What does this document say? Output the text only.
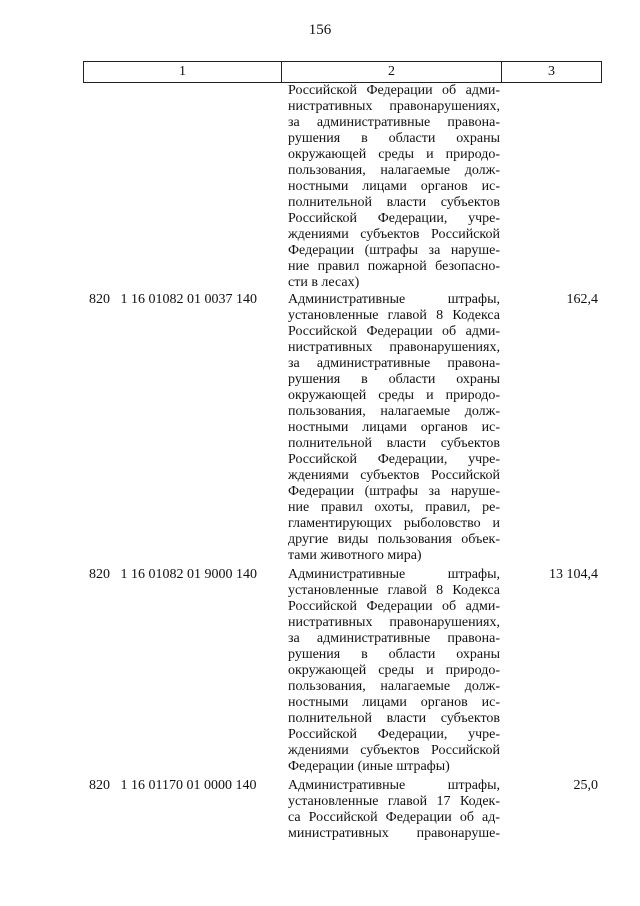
156
1	2	3
Российской Федерации об адми-
нистративных правонарушениях,
за административные правона-
рушения в области охраны
окружающей среды и природо-
пользования, налагаемые долж-
ностными лицами органов ис-
полнительной власти субъектов
Российской Федерации, учре-
ждениями субъектов Российской
Федерации (штрафы за наруше-
ние правил пожарной безопасно-
сти в лесах)
820   1 16 01082 01 0037 140 Административные штрафы,
установленные главой 8 Кодекса
Российской Федерации об адми-
нистративных правонарушениях,
за административные правона-
рушения в области охраны
окружающей среды и природо-
пользования, налагаемые долж-
ностными лицами органов ис-
полнительной власти субъектов
Российской Федерации, учре-
ждениями субъектов Российской
Федерации (штрафы за наруше-
ние правил охоты, правил, ре-
гламентирующих рыболовство и
другие виды пользования объек-
тами животного мира)
162,4
820   1 16 01082 01 9000 140 Административные штрафы,
установленные главой 8 Кодекса
Российской Федерации об адми-
нистративных правонарушениях,
за административные правона-
рушения в области охраны
окружающей среды и природо-
пользования, налагаемые долж-
ностными лицами органов ис-
полнительной власти субъектов
Российской Федерации, учре-
ждениями субъектов Российской
Федерации (иные штрафы)
13 104,4
820   1 16 01170 01 0000 140 Административные штрафы,
установленные главой 17 Кодек-
са Российской Федерации об ад-
министративных правонаруше-
25,0
